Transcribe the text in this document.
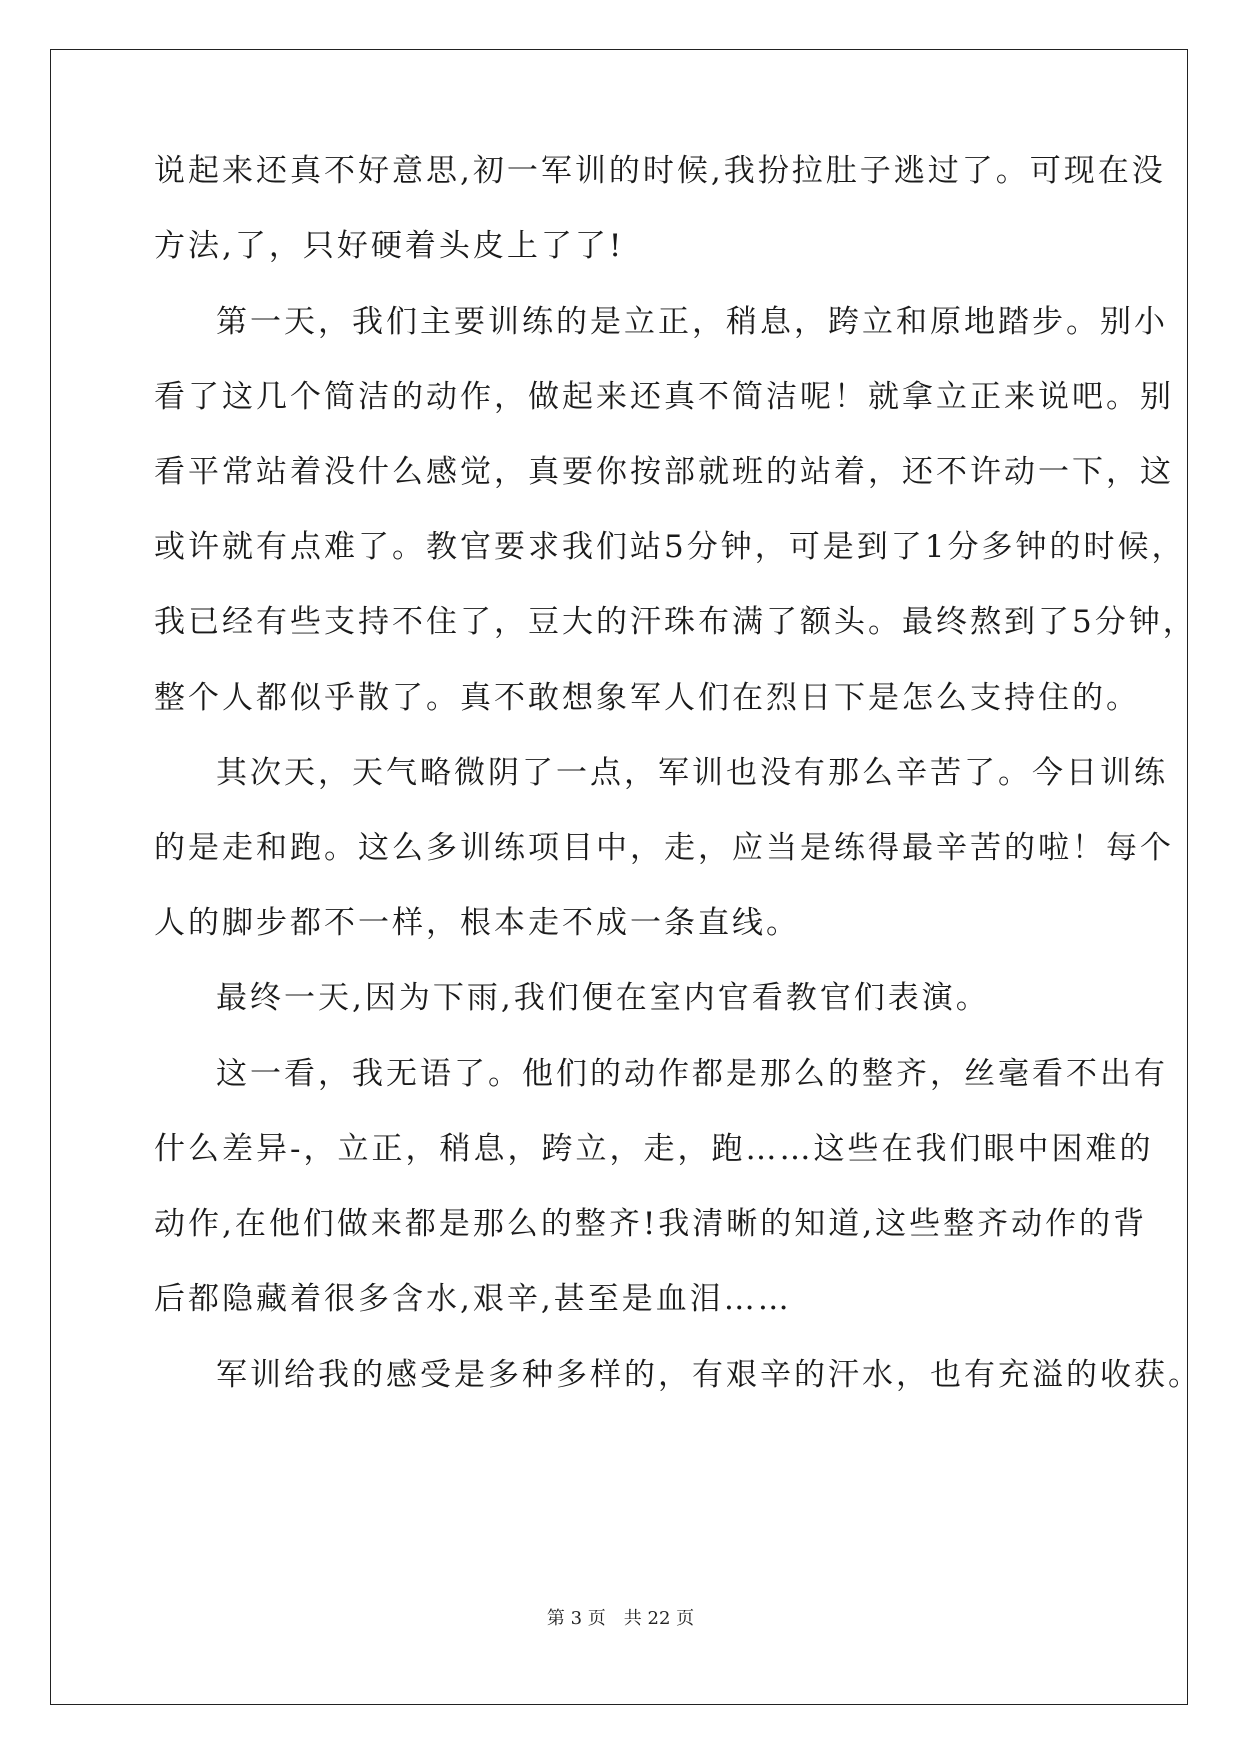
说起来还真不好意思,初一军训的时候,我扮拉肚子逃过了。可现在没
方法,了，只好硬着头皮上了了!
第一天，我们主要训练的是立正，稍息，跨立和原地踏步。别小
看了这几个简洁的动作，做起来还真不简洁呢！就拿立正来说吧。别
看平常站着没什么感觉，真要你按部就班的站着，还不许动一下，这
或许就有点难了。教官要求我们站5分钟，可是到了1分多钟的时候，
我已经有些支持不住了，豆大的汗珠布满了额头。最终熬到了5分钟，
整个人都似乎散了。真不敢想象军人们在烈日下是怎么支持住的。
其次天，天气略微阴了一点，军训也没有那么辛苦了。今日训练
的是走和跑。这么多训练项目中，走，应当是练得最辛苦的啦！每个
人的脚步都不一样，根本走不成一条直线。
最终一天,因为下雨,我们便在室内官看教官们表演。
这一看，我无语了。他们的动作都是那么的整齐，丝毫看不出有
什么差异-，立正，稍息，跨立，走，跑……这些在我们眼中困难的
动作,在他们做来都是那么的整齐!我清晰的知道,这些整齐动作的背
后都隐藏着很多含水,艰辛,甚至是血泪……
军训给我的感受是多种多样的，有艰辛的汗水，也有充溢的收获。
第 3 页　共 22 页
